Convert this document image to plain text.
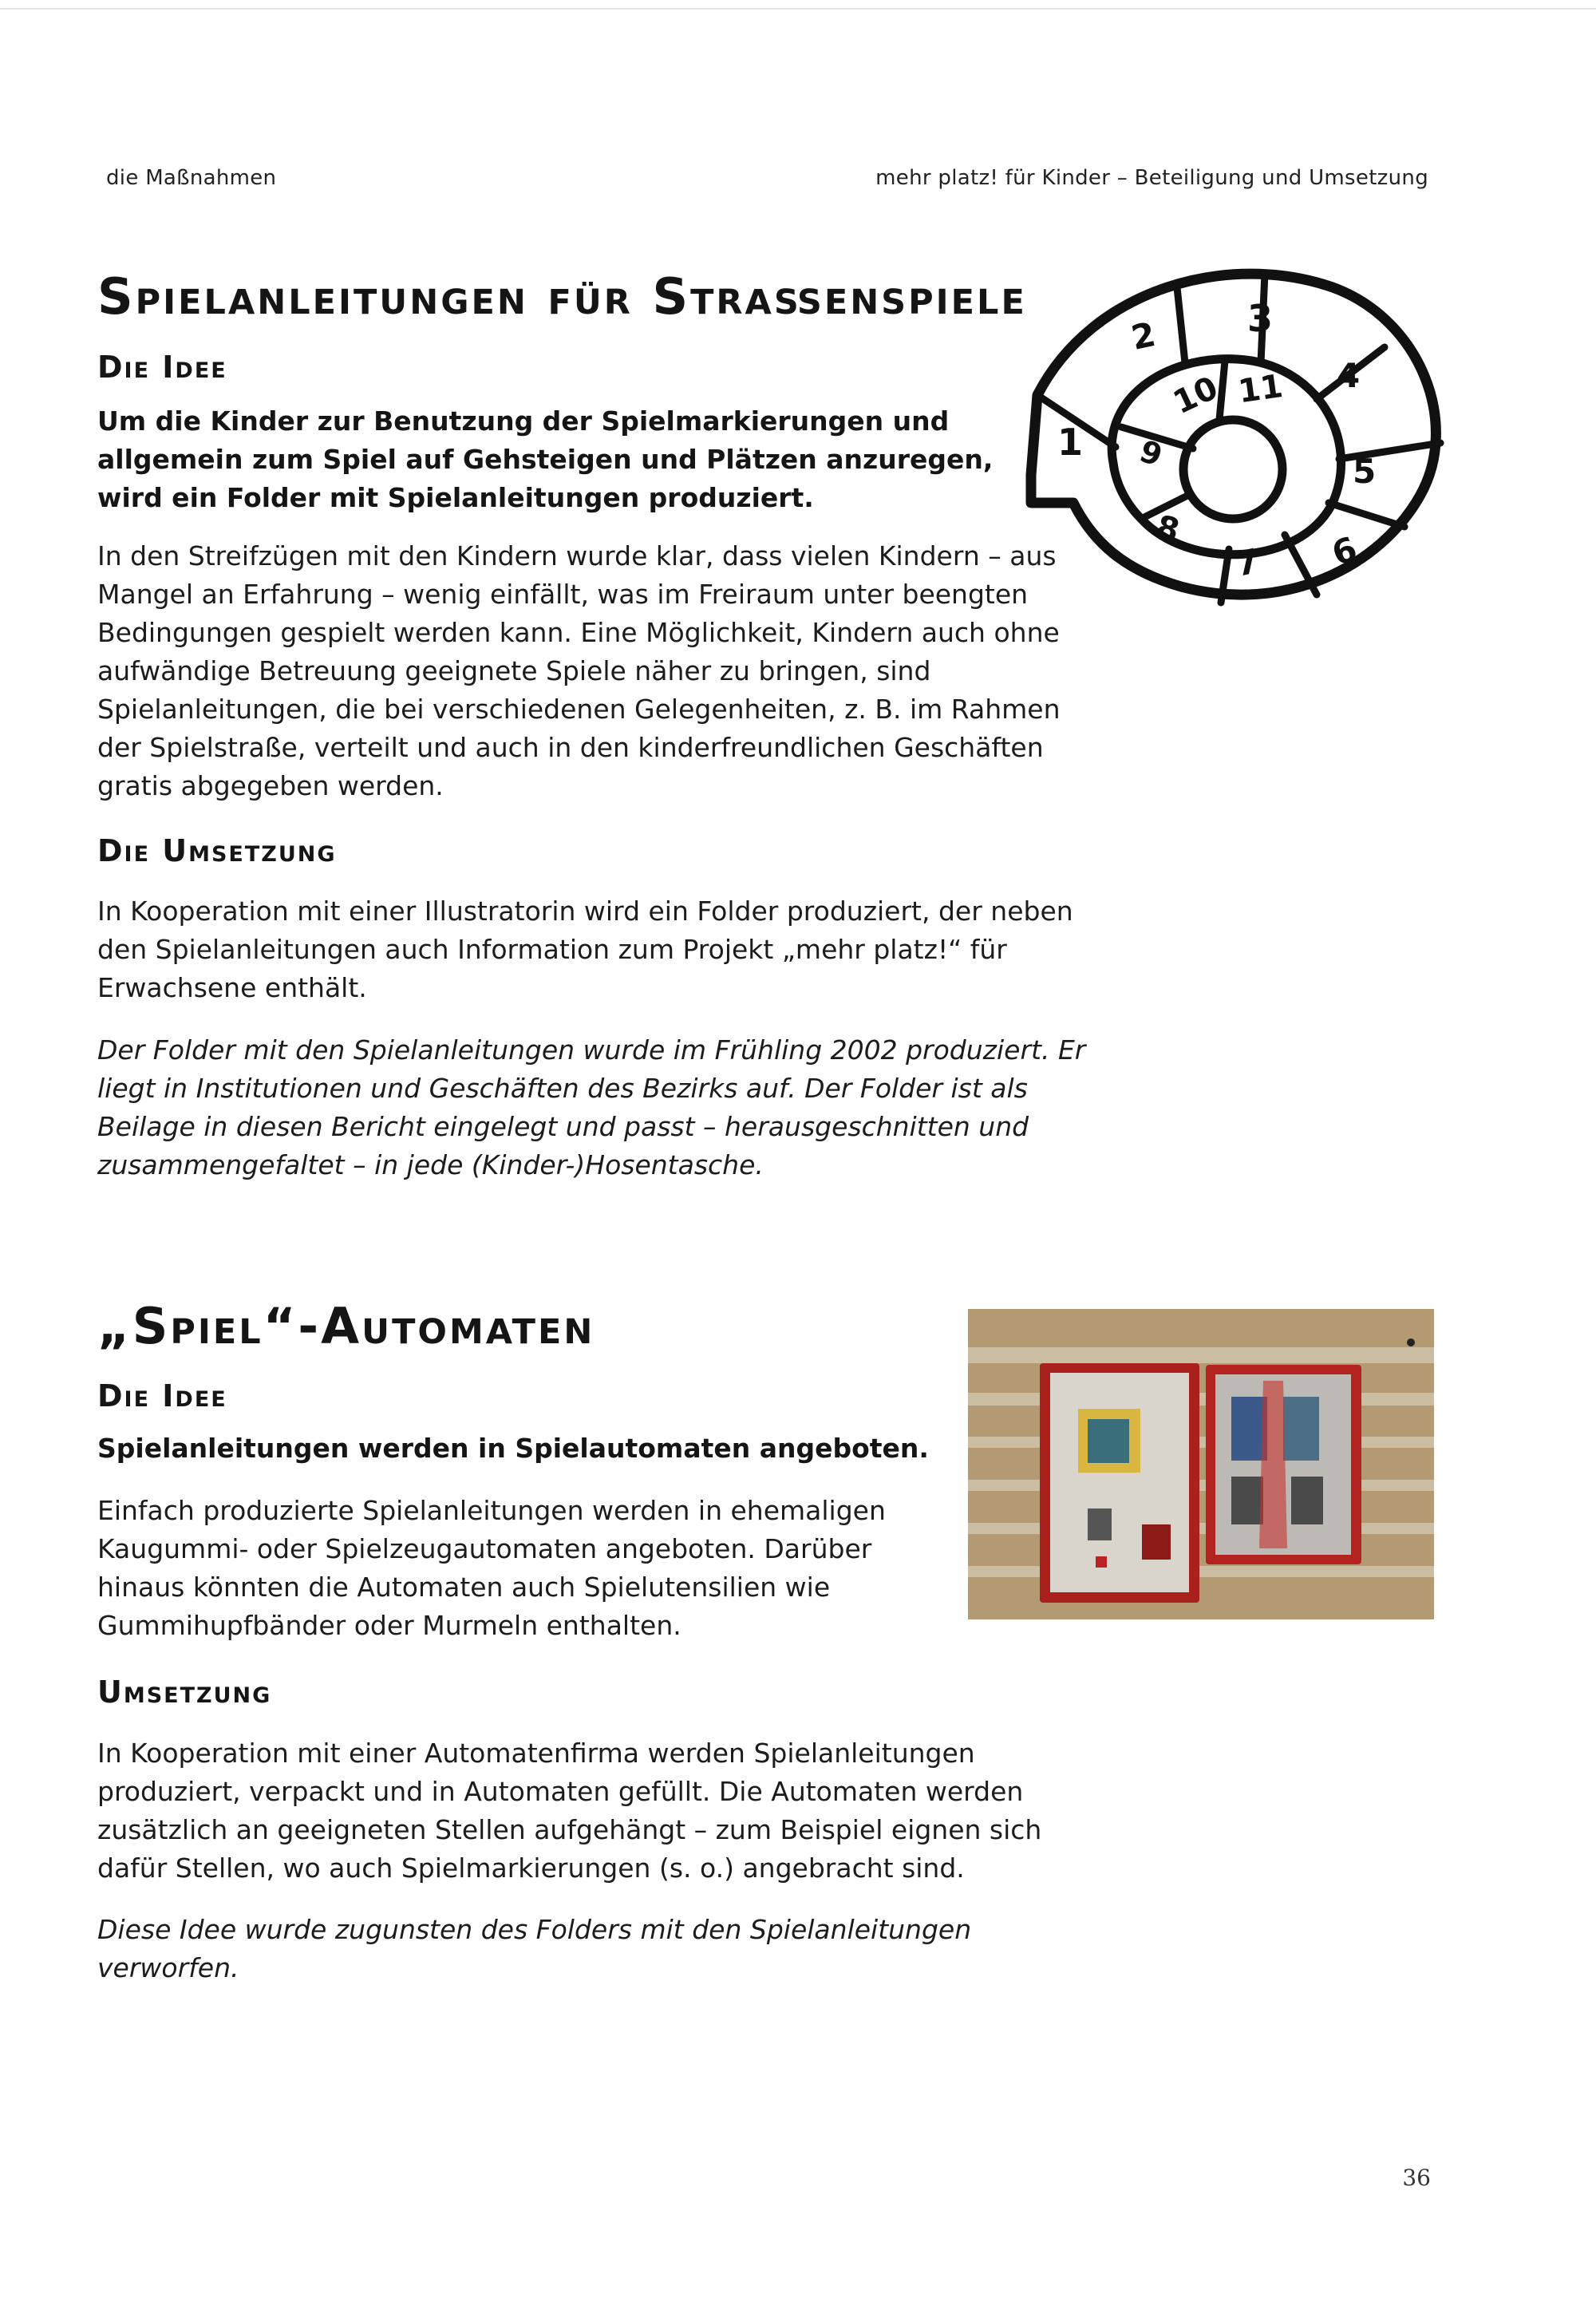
die Maßnahmen	mehr platz! für Kinder – Beteiligung und Umsetzung
Spielanleitungen für Straßenspiele
Die Idee

Um die Kinder zur Benutzung der Spielmarkierungen und allgemein zum Spiel auf Gehsteigen und Plätzen anzuregen, wird ein Folder mit Spielanleitungen produziert.

In den Streifzügen mit den Kindern wurde klar, dass vielen Kindern – aus Mangel an Erfahrung – wenig einfällt, was im Freiraum unter beengten Bedingungen gespielt werden kann. Eine Möglichkeit, Kindern auch ohne aufwändige Betreuung geeignete Spiele näher zu bringen, sind Spielanleitungen, die bei verschiedenen Gelegenheiten, z. B. im Rahmen der Spielstraße, verteilt und auch in den kinderfreundlichen Geschäften gratis abgegeben werden.

Die Umsetzung

In Kooperation mit einer Illustratorin wird ein Folder produziert, der neben den Spielanleitungen auch Information zum Projekt „mehr platz!“ für Erwachsene enthält.

Der Folder mit den Spielanleitungen wurde im Frühling 2002 produziert. Er liegt in Institutionen und Geschäften des Bezirks auf. Der Folder ist als Beilage in diesen Bericht eingelegt und passt – herausgeschnitten und zusammengefaltet – in jede (Kinder-)Hosentasche.

1
2 3
4
5
6
7
8
9
10 11
„Spiel“-Automaten
Die Idee

Spielanleitungen werden in Spielautomaten angeboten.

Einfach produzierte Spielanleitungen werden in ehemaligen Kaugummi- oder Spielzeugautomaten angeboten. Darüber hinaus könnten die Automaten auch Spielutensilien wie Gummihupfbänder oder Murmeln enthalten.

Umsetzung

In Kooperation mit einer Automatenfirma werden Spielanleitungen produziert, verpackt und in Automaten gefüllt. Die Automaten werden zusätzlich an geeigneten Stellen aufgehängt – zum Beispiel eignen sich dafür Stellen, wo auch Spielmarkierungen (s. o.) angebracht sind.

Diese Idee wurde zugunsten des Folders mit den Spielanleitungen verworfen.

36
